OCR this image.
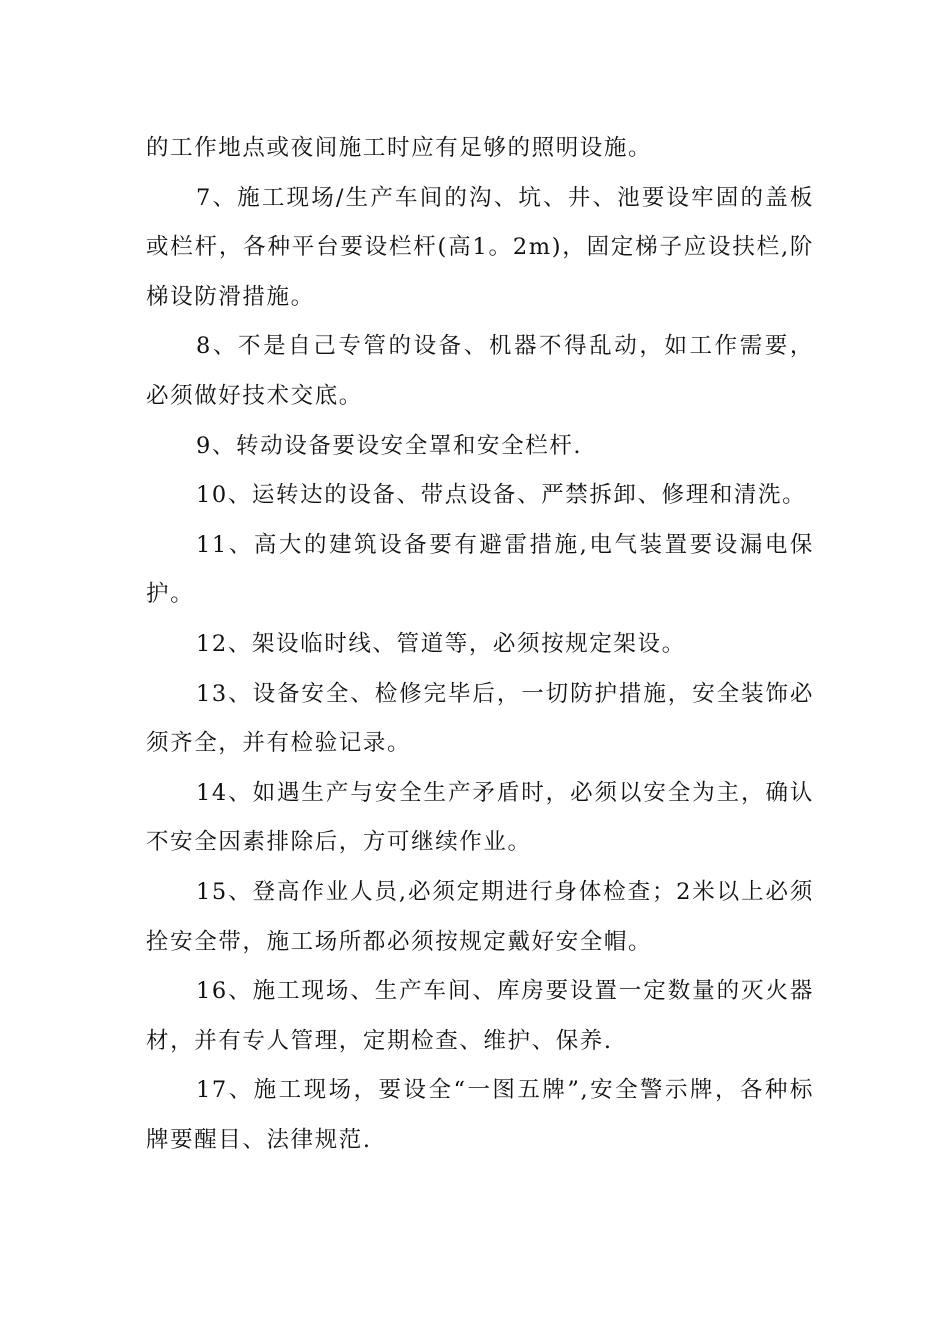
的工作地点或夜间施工时应有足够的照明设施。

7、施工现场/生产车间的沟、坑、井、池要设牢固的盖板或栏杆，各种平台要设栏杆(高1。2m)，固定梯子应设扶栏,阶梯设防滑措施。

8、不是自己专管的设备、机器不得乱动，如工作需要，必须做好技术交底。

9、转动设备要设安全罩和安全栏杆.

10、运转达的设备、带点设备、严禁拆卸、修理和清洗。

11、高大的建筑设备要有避雷措施,电气装置要设漏电保护。

12、架设临时线、管道等，必须按规定架设。

13、设备安全、检修完毕后，一切防护措施，安全装饰必须齐全，并有检验记录。

14、如遇生产与安全生产矛盾时，必须以安全为主，确认不安全因素排除后，方可继续作业。

15、登高作业人员,必须定期进行身体检查；2米以上必须拴安全带，施工场所都必须按规定戴好安全帽。

16、施工现场、生产车间、库房要设置一定数量的灭火器材，并有专人管理，定期检查、维护、保养.

17、施工现场，要设全“一图五牌”,安全警示牌，各种标牌要醒目、法律规范.
